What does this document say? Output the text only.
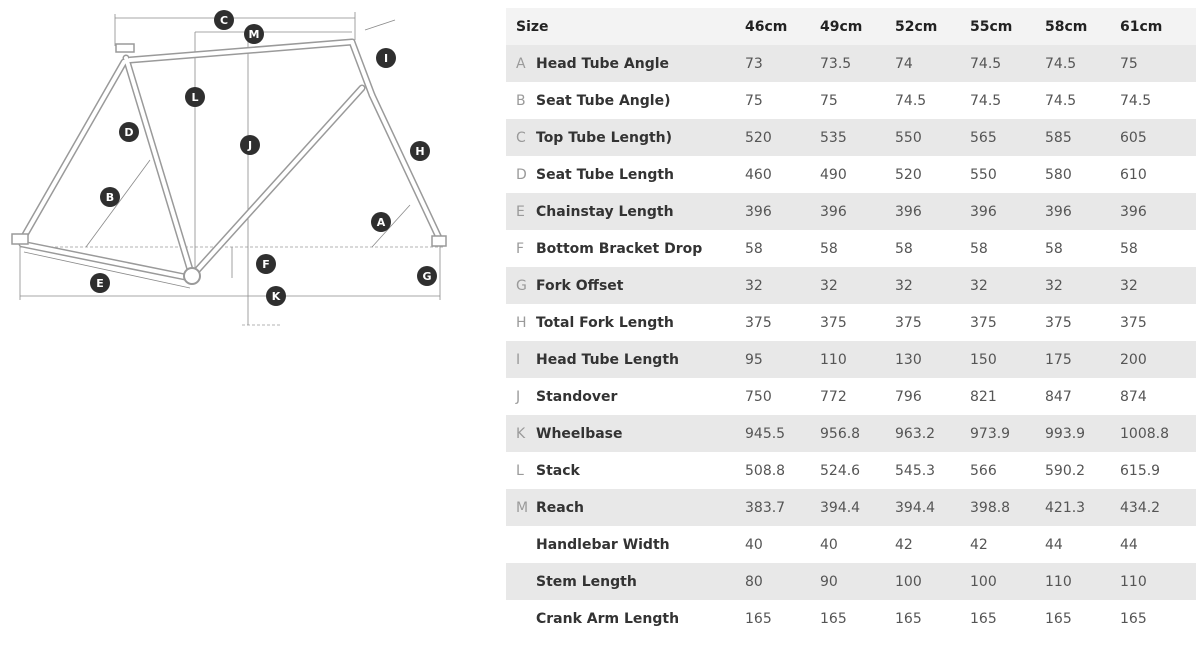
C
M
I
L
D
J	H
B
A
F
G
E
K
Size		46cm	49cm	52cm	55cm	58cm	61cm
A	Head Tube Angle	73	73.5	74	74.5	74.5	75
B	Seat Tube Angle)	75	75	74.5	74.5	74.5	74.5
C	Top Tube Length)	520	535	550	565	585	605
D	Seat Tube Length	460	490	520	550	580	610
E	Chainstay Length	396	396	396	396	396	396
F	Bottom Bracket Drop	58	58	58	58	58	58
G	Fork Offset	32	32	32	32	32	32
H	Total Fork Length	375	375	375	375	375	375
I	Head Tube Length	95	110	130	150	175	200
J	Standover	750	772	796	821	847	874
K	Wheelbase	945.5	956.8	963.2	973.9	993.9	1008.8
L	Stack	508.8	524.6	545.3	566	590.2	615.9
M	Reach	383.7	394.4	394.4	398.8	421.3	434.2
	Handlebar Width	40	40	42	42	44	44
	Stem Length	80	90	100	100	110	110
	Crank Arm Length	165	165	165	165	165	165
